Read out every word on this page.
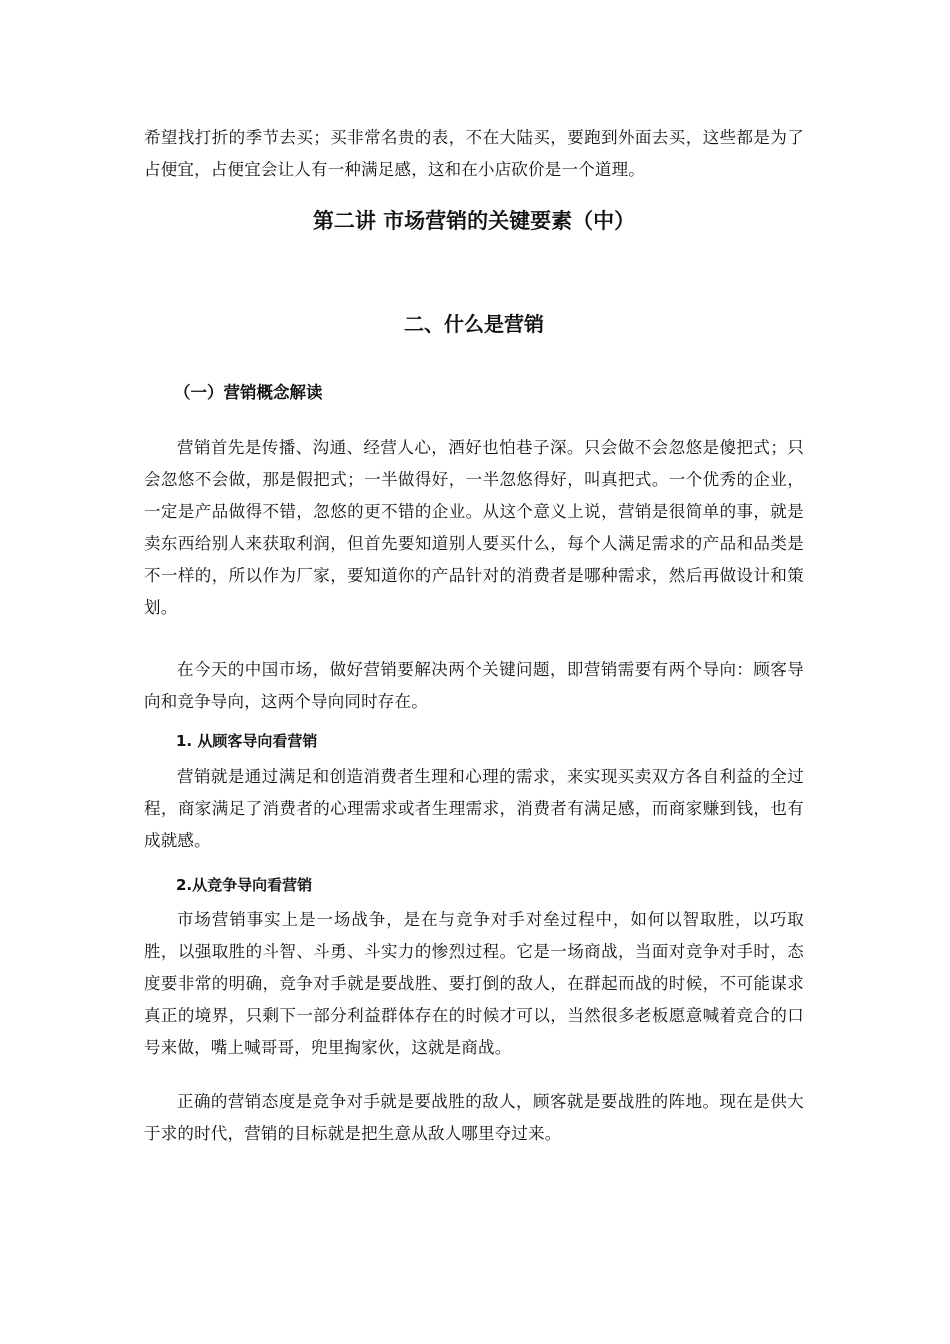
希望找打折的季节去买；买非常名贵的表，不在大陆买，要跑到外面去买，这些都是为了占便宜，占便宜会让人有一种满足感，这和在小店砍价是一个道理。

第二讲 市场营销的关键要素（中）
二、什么是营销
（一）营销概念解读

营销首先是传播、沟通、经营人心，酒好也怕巷子深。只会做不会忽悠是傻把式；只会忽悠不会做，那是假把式；一半做得好，一半忽悠得好，叫真把式。一个优秀的企业，一定是产品做得不错，忽悠的更不错的企业。从这个意义上说，营销是很简单的事，就是卖东西给别人来获取利润，但首先要知道别人要买什么，每个人满足需求的产品和品类是不一样的，所以作为厂家，要知道你的产品针对的消费者是哪种需求，然后再做设计和策划。

在今天的中国市场，做好营销要解决两个关键问题，即营销需要有两个导向：顾客导向和竞争导向，这两个导向同时存在。

1. 从顾客导向看营销

营销就是通过满足和创造消费者生理和心理的需求，来实现买卖双方各自利益的全过程，商家满足了消费者的心理需求或者生理需求，消费者有满足感，而商家赚到钱，也有成就感。

2.从竞争导向看营销

市场营销事实上是一场战争，是在与竞争对手对垒过程中，如何以智取胜，以巧取胜，以强取胜的斗智、斗勇、斗实力的惨烈过程。它是一场商战，当面对竞争对手时，态度要非常的明确，竞争对手就是要战胜、要打倒的敌人，在群起而战的时候，不可能谋求真正的境界，只剩下一部分利益群体存在的时候才可以，当然很多老板愿意喊着竞合的口号来做，嘴上喊哥哥，兜里掏家伙，这就是商战。

正确的营销态度是竞争对手就是要战胜的敌人，顾客就是要战胜的阵地。现在是供大于求的时代，营销的目标就是把生意从敌人哪里夺过来。
